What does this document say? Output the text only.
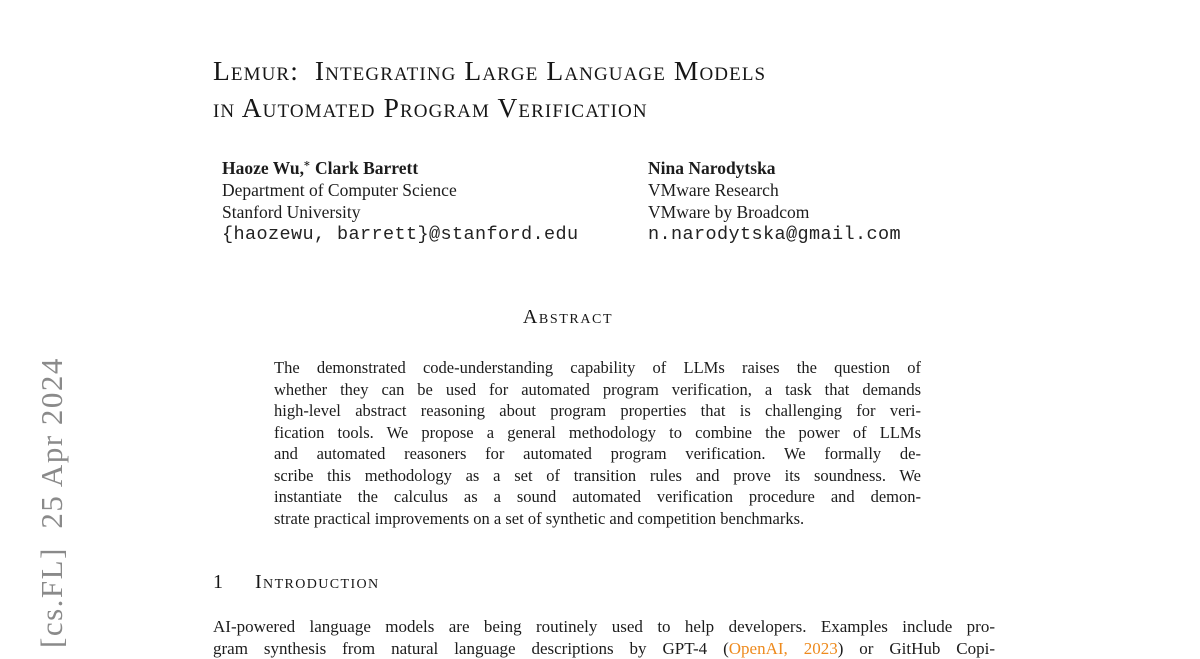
[cs.FL]  25 Apr 2024
Lemur:  Integrating Large Language Models
in Automated Program Verification
Haoze Wu,∗ Clark Barrett
Department of Computer Science
Stanford University
{haozewu, barrett}@stanford.edu
Nina Narodytska
VMware Research
VMware by Broadcom
n.narodytska@gmail.com
Abstract
The demonstrated code-understanding capability of LLMs raises the question of
whether they can be used for automated program verification, a task that demands
high-level abstract reasoning about program properties that is challenging for veri-
fication tools. We propose a general methodology to combine the power of LLMs
and automated reasoners for automated program verification. We formally de-
scribe this methodology as a set of transition rules and prove its soundness. We
instantiate the calculus as a sound automated verification procedure and demon-
strate practical improvements on a set of synthetic and competition benchmarks.
1 Introduction
AI-powered language models are being routinely used to help developers. Examples include pro-
gram synthesis from natural language descriptions by GPT-4 (OpenAI, 2023) or GitHub Copi-
